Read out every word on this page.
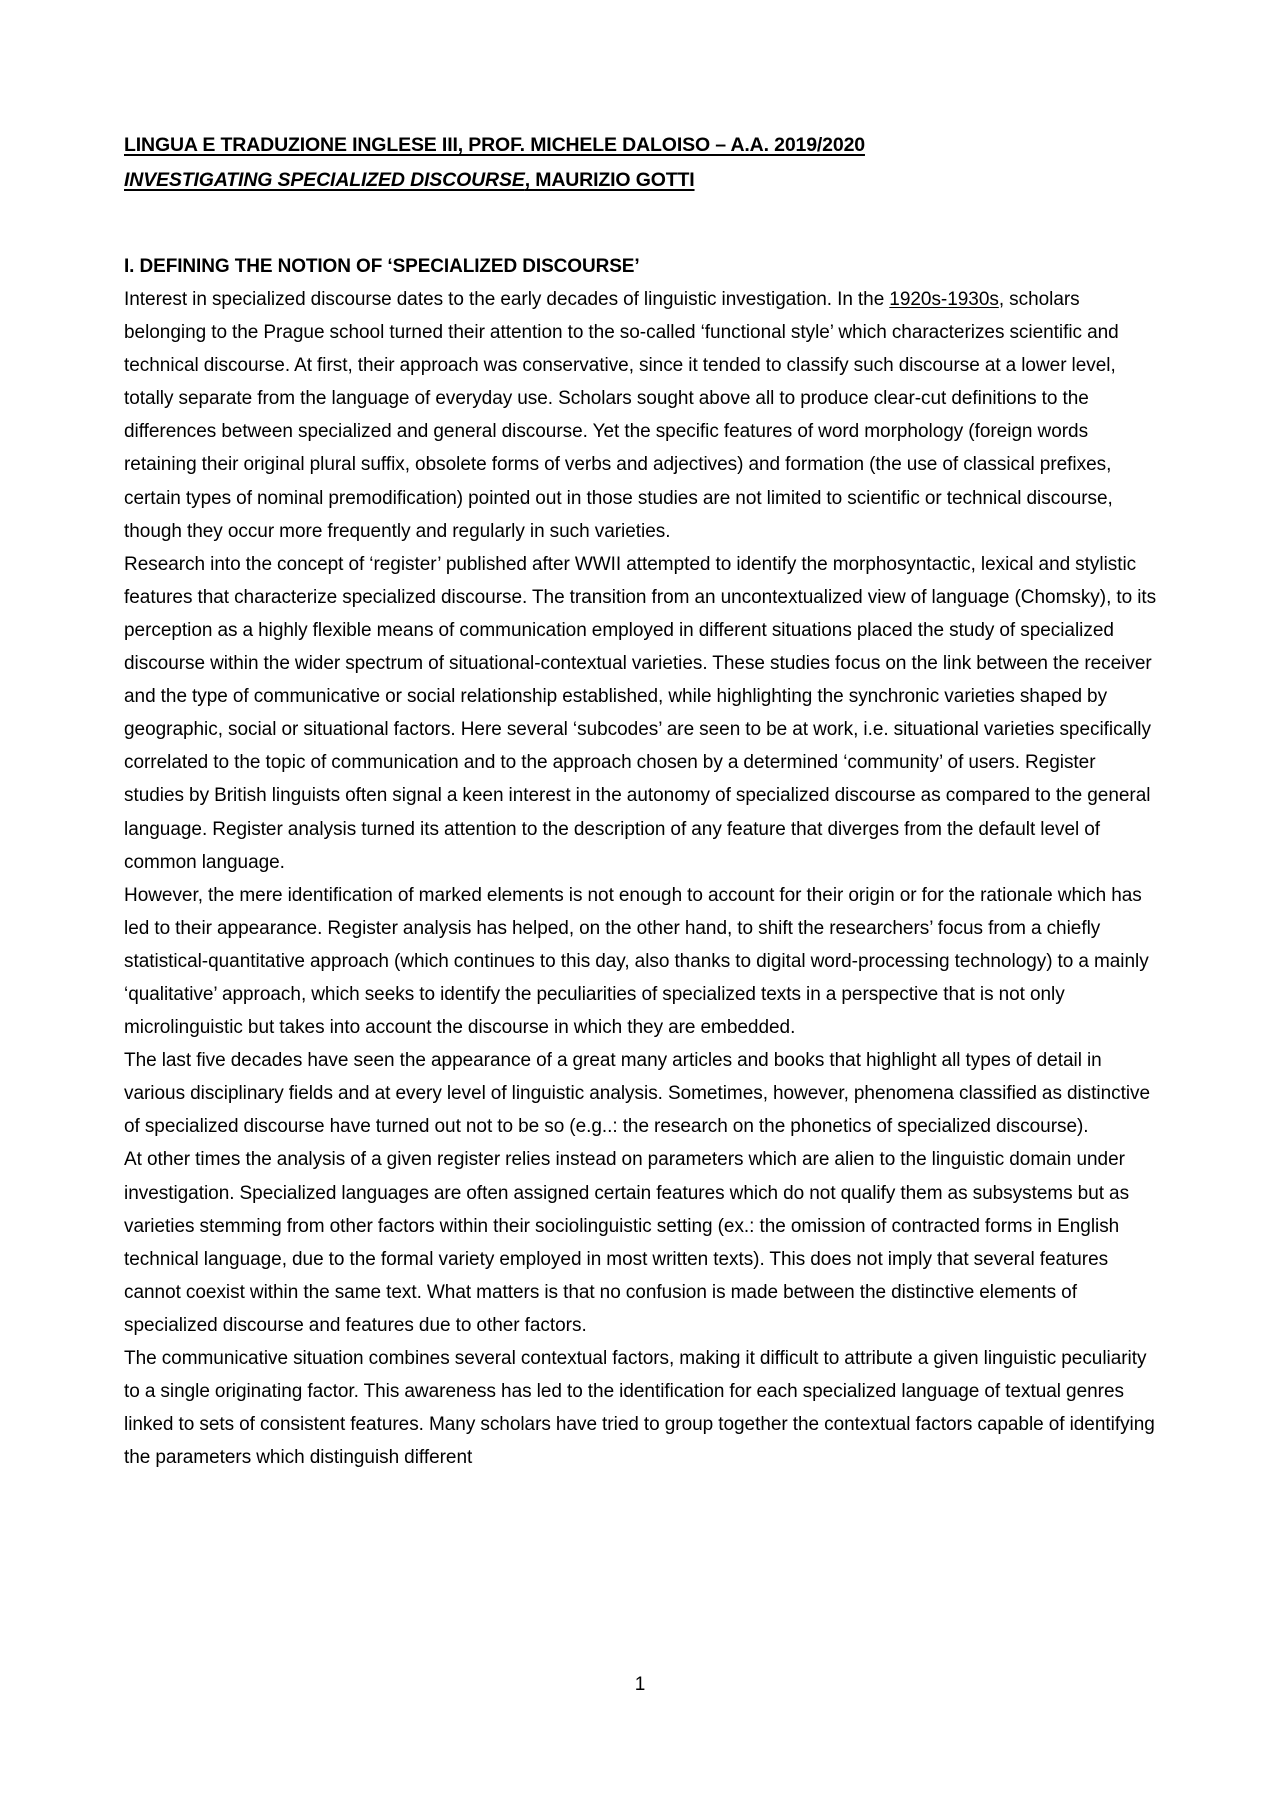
LINGUA E TRADUZIONE INGLESE III, PROF. MICHELE DALOISO – A.A. 2019/2020
INVESTIGATING SPECIALIZED DISCOURSE, MAURIZIO GOTTI
I. DEFINING THE NOTION OF ‘SPECIALIZED DISCOURSE’

Interest in specialized discourse dates to the early decades of linguistic investigation. In the 1920s-1930s, scholars belonging to the Prague school turned their attention to the so-called ‘functional style’ which characterizes scientific and technical discourse. At first, their approach was conservative, since it tended to classify such discourse at a lower level, totally separate from the language of everyday use. Scholars sought above all to produce clear-cut definitions to the differences between specialized and general discourse. Yet the specific features of word morphology (foreign words retaining their original plural suffix, obsolete forms of verbs and adjectives) and formation (the use of classical prefixes, certain types of nominal premodification) pointed out in those studies are not limited to scientific or technical discourse, though they occur more frequently and regularly in such varieties.

Research into the concept of ‘register’ published after WWII attempted to identify the morphosyntactic, lexical and stylistic features that characterize specialized discourse. The transition from an uncontextualized view of language (Chomsky), to its perception as a highly flexible means of communication employed in different situations placed the study of specialized discourse within the wider spectrum of situational-contextual varieties. These studies focus on the link between the receiver and the type of communicative or social relationship established, while highlighting the synchronic varieties shaped by geographic, social or situational factors. Here several ‘subcodes’ are seen to be at work, i.e. situational varieties specifically correlated to the topic of communication and to the approach chosen by a determined ‘community’ of users. Register studies by British linguists often signal a keen interest in the autonomy of specialized discourse as compared to the general language. Register analysis turned its attention to the description of any feature that diverges from the default level of common language.

However, the mere identification of marked elements is not enough to account for their origin or for the rationale which has led to their appearance. Register analysis has helped, on the other hand, to shift the researchers’ focus from a chiefly statistical-quantitative approach (which continues to this day, also thanks to digital word-processing technology) to a mainly ‘qualitative’ approach, which seeks to identify the peculiarities of specialized texts in a perspective that is not only microlinguistic but takes into account the discourse in which they are embedded.

The last five decades have seen the appearance of a great many articles and books that highlight all types of detail in various disciplinary fields and at every level of linguistic analysis. Sometimes, however, phenomena classified as distinctive of specialized discourse have turned out not to be so (e.g..: the research on the phonetics of specialized discourse).

At other times the analysis of a given register relies instead on parameters which are alien to the linguistic domain under investigation. Specialized languages are often assigned certain features which do not qualify them as subsystems but as varieties stemming from other factors within their sociolinguistic setting (ex.: the omission of contracted forms in English technical language, due to the formal variety employed in most written texts). This does not imply that several features cannot coexist within the same text. What matters is that no confusion is made between the distinctive elements of specialized discourse and features due to other factors.

The communicative situation combines several contextual factors, making it difficult to attribute a given linguistic peculiarity to a single originating factor. This awareness has led to the identification for each specialized language of textual genres linked to sets of consistent features. Many scholars have tried to group together the contextual factors capable of identifying the parameters which distinguish different

1
